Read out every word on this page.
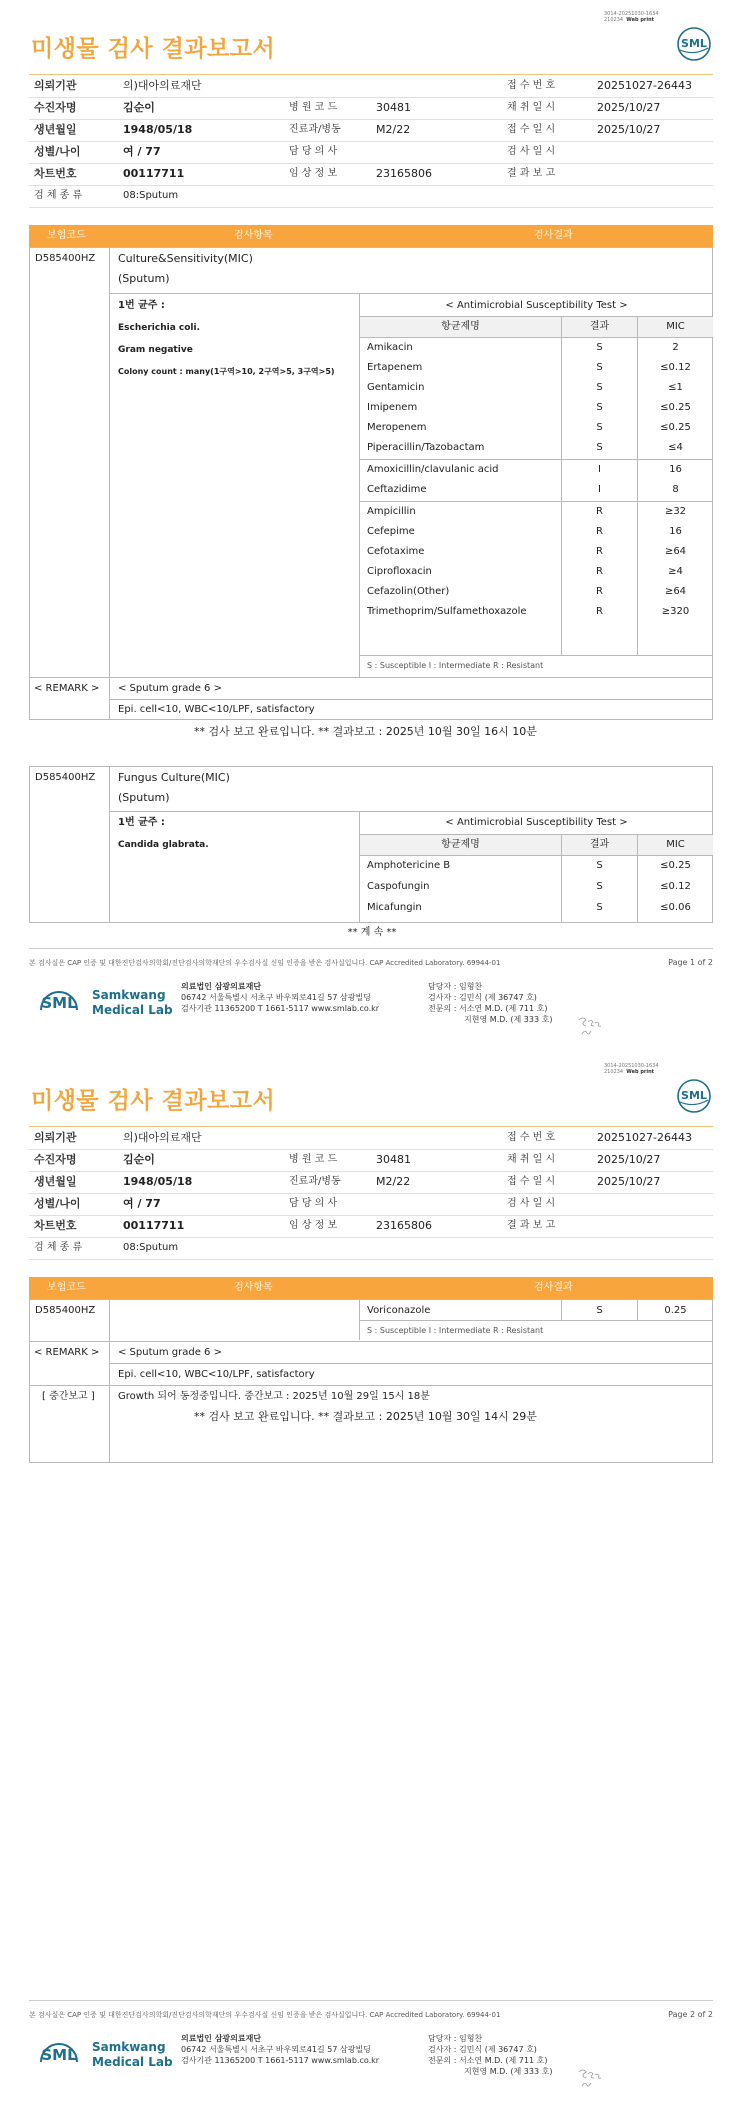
3014-20251030-1634
210234 Web print
미생물 검사 결과보고서	SML
의뢰기관	의)대아의료재단	접 수 번 호	20251027-26443
수진자명	김순이	병 원 코 드	30481	채 취 일 시	2025/10/27
생년월일	1948/05/18	진료과/병동	M2/22	접 수 일 시	2025/10/27
성별/나이	여 / 77	담 당 의 사	검 사 일 시
차트번호	00117711	임 상 정 보	23165806	결 과 보 고
검 체 종 류	08:Sputum
보험코드	검사항목	검사결과
D585400HZ Culture&Sensitivity(MIC)
(Sputum)
1번 균주 :
Escherichia coli.
Gram negative
Colony count : many(1구역>10, 2구역>5, 3구역>5)
< Antimicrobial Susceptibility Test >
항균제명	결과	MIC
Amikacin	S	2
Ertapenem	S	≤0.12
Gentamicin	S	≤1
Imipenem	S	≤0.25
Meropenem	S	≤0.25
Piperacillin/Tazobactam	S	≤4
Amoxicillin/clavulanic acid	I	16
Ceftazidime	I	8
Ampicillin	R	≥32
Cefepime	R	16
Cefotaxime	R	≥64
Ciprofloxacin	R	≥4
Cefazolin(Other)	R	≥64
Trimethoprim/Sulfamethoxazole	R	≥320
S : Susceptible I : Intermediate R : Resistant
< REMARK > < Sputum grade 6 >
Epi. cell<10, WBC<10/LPF, satisfactory
** 검사 보고 완료입니다. ** 결과보고 : 2025년 10월 30일 16시 10분
D585400HZ Fungus Culture(MIC)
(Sputum)
1번 균주 :
Candida glabrata.
< Antimicrobial Susceptibility Test >
항균제명	결과	MIC
Amphotericine B	S	≤0.25
Caspofungin	S	≤0.12
Micafungin	S	≤0.06
** 계 속 **
본 검사실은 CAP 인증 및 대한진단검사의학회/진단검사의학재단의 우수검사실 신임 인증을 받은 검사실입니다. CAP Accredited Laboratory. 69944-01	Page 1 of 2
SML Samkwang
Medical Lab
의료법인 삼광의료재단
06742 서울특별시 서초구 바우뫼로41길 57 삼광빌딩
검사기관 11365200 T 1661-5117 www.smlab.co.kr
담당자 : 임형찬
검사자 : 김민식 (제 36747 호)
전문의 : 서소연 M.D. (제 711 호)
지현영 M.D. (제 333 호)
3014-20251030-1634
210234 Web print
미생물 검사 결과보고서	SML
의뢰기관	의)대아의료재단	접 수 번 호	20251027-26443
수진자명	김순이	병 원 코 드	30481	채 취 일 시	2025/10/27
생년월일	1948/05/18	진료과/병동	M2/22	접 수 일 시	2025/10/27
성별/나이	여 / 77	담 당 의 사	검 사 일 시
차트번호	00117711	임 상 정 보	23165806	결 과 보 고
검 체 종 류	08:Sputum
보험코드	검사항목	검사결과
D585400HZ	Voriconazole	S	0.25
S : Susceptible I : Intermediate R : Resistant
< REMARK > < Sputum grade 6 >
Epi. cell<10, WBC<10/LPF, satisfactory
[ 중간보고 ] Growth 되어 동정중입니다. 중간보고 : 2025년 10월 29일 15시 18분
** 검사 보고 완료입니다. ** 결과보고 : 2025년 10월 30일 14시 29분
본 검사실은 CAP 인증 및 대한진단검사의학회/진단검사의학재단의 우수검사실 신임 인증을 받은 검사실입니다. CAP Accredited Laboratory. 69944-01	Page 2 of 2
SML Samkwang
Medical Lab
의료법인 삼광의료재단
06742 서울특별시 서초구 바우뫼로41길 57 삼광빌딩
검사기관 11365200 T 1661-5117 www.smlab.co.kr
담당자 : 임형찬
검사자 : 김민식 (제 36747 호)
전문의 : 서소연 M.D. (제 711 호)
지현영 M.D. (제 333 호)
